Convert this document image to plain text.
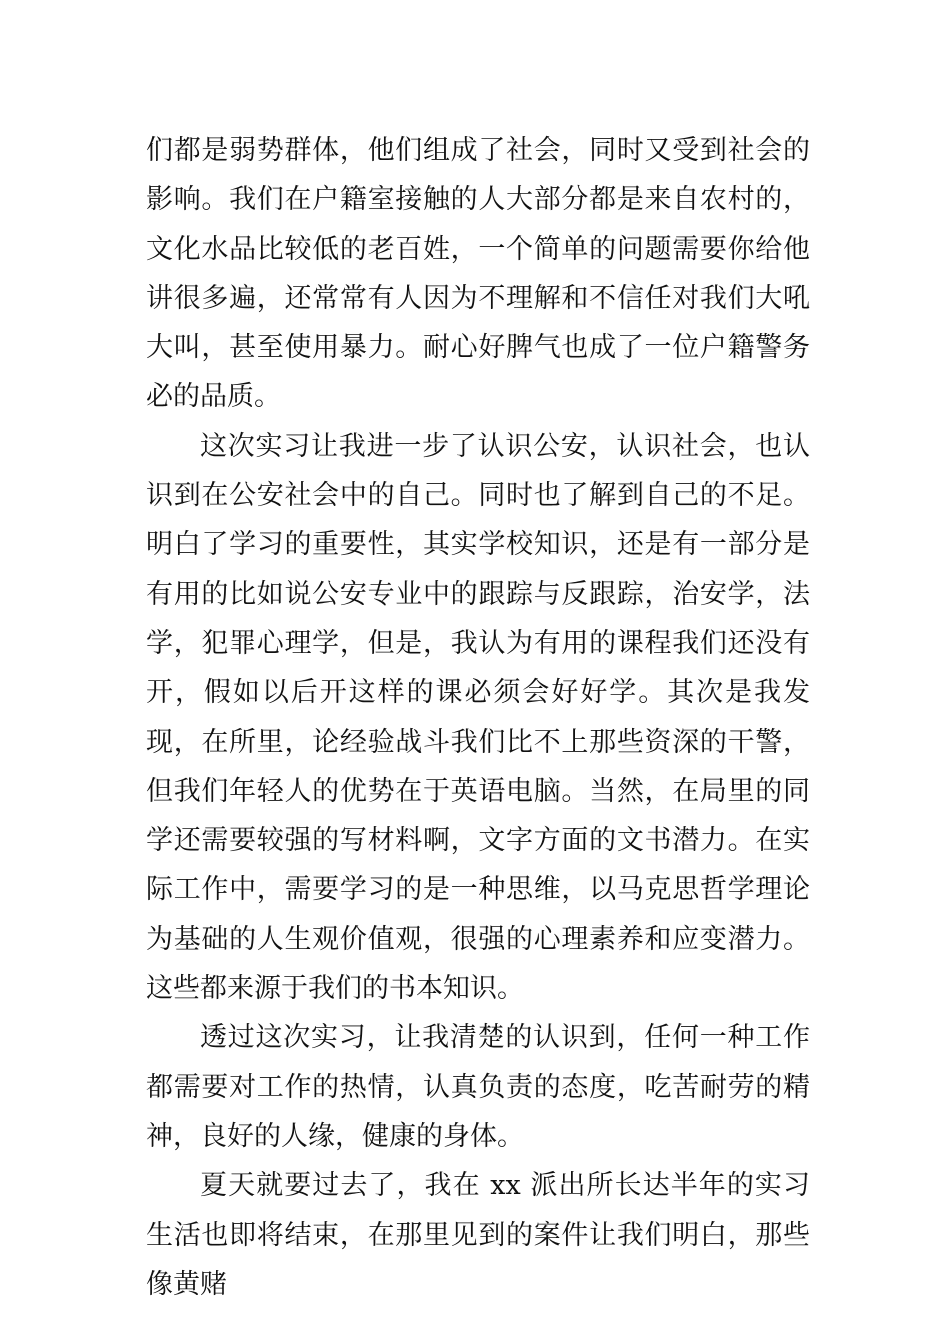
们都是弱势群体，他们组成了社会，同时又受到社会的影响。我们在户籍室接触的人大部分都是来自农村的，文化水品比较低的老百姓，一个简单的问题需要你给他讲很多遍，还常常有人因为不理解和不信任对我们大吼大叫，甚至使用暴力。耐心好脾气也成了一位户籍警务必的品质。

这次实习让我进一步了认识公安，认识社会，也认识到在公安社会中的自己。同时也了解到自己的不足。明白了学习的重要性，其实学校知识，还是有一部分是有用的比如说公安专业中的跟踪与反跟踪，治安学，法学，犯罪心理学，但是，我认为有用的课程我们还没有开，假如以后开这样的课必须会好好学。其次是我发现，在所里，论经验战斗我们比不上那些资深的干警，但我们年轻人的优势在于英语电脑。当然，在局里的同学还需要较强的写材料啊，文字方面的文书潜力。在实际工作中，需要学习的是一种思维，以马克思哲学理论为基础的人生观价值观，很强的心理素养和应变潜力。这些都来源于我们的书本知识。

透过这次实习，让我清楚的认识到，任何一种工作都需要对工作的热情，认真负责的态度，吃苦耐劳的精神，良好的人缘，健康的身体。

夏天就要过去了，我在 xx 派出所长达半年的实习生活也即将结束，在那里见到的案件让我们明白，那些像黄赌
